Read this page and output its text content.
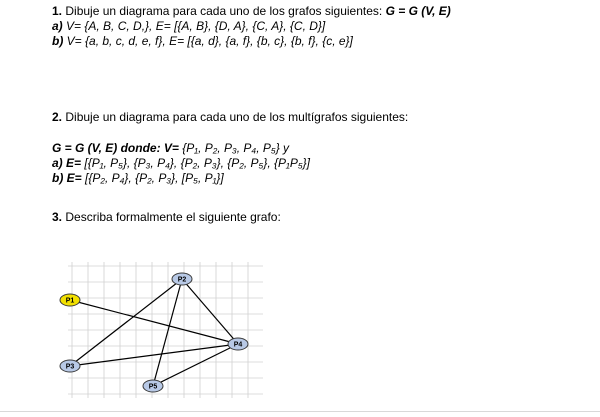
1. Dibuje un diagrama para cada uno de los grafos siguientes: G = G (V, E)
a) V= {A, B, C, D,}, E= [{A, B}, {D, A}, {C, A}, {C, D}]
b) V= {a, b, c, d, e, f}, E= [{a, d}, {a, f}, {b, c}, {b, f}, {c, e}]
2. Dibuje un diagrama para cada uno de los multígrafos siguientes:
G = G (V, E) donde: V= {P₁, P₂, P₃, P₄, P₅} y
a) E= [{P₁, P₅}, {P₃, P₄}, {P₂, P₃}, {P₂, P₅}, {P₁P₅}]
b) E= [{P₂, P₄}, {P₂, P₃}, [P₅, P₁}]
3. Describa formalmente el siguiente grafo:
P1
P2
P3
P4
P5
